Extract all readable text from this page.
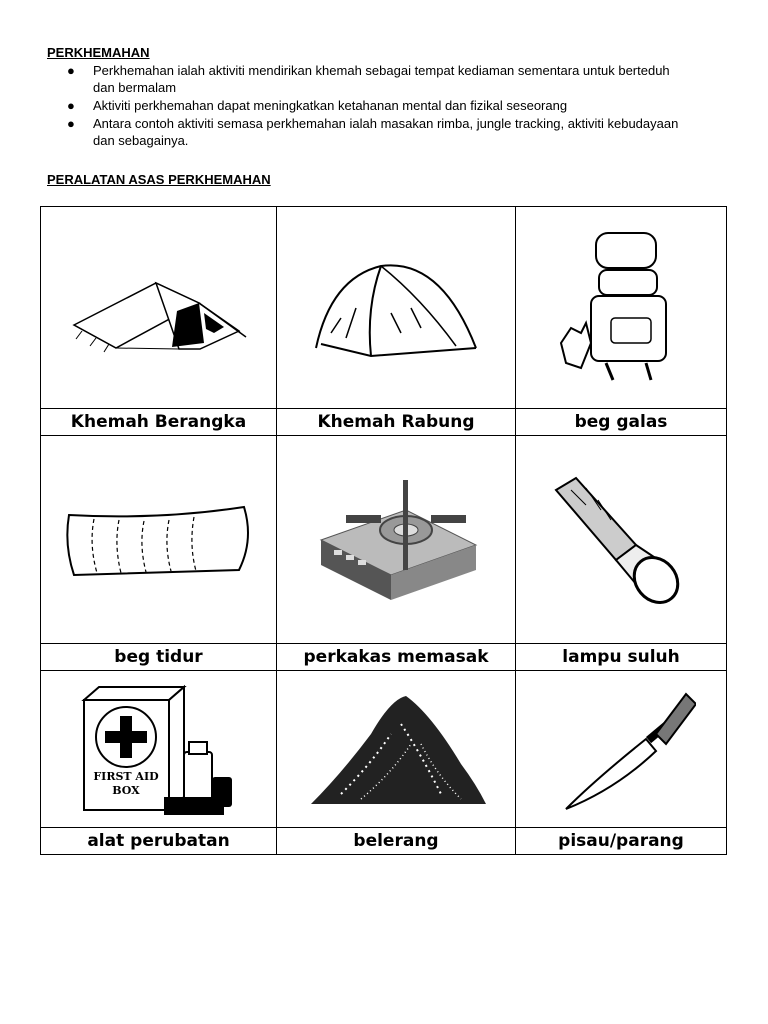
PERKHEMAHAN
● Perkhemahan ialah aktiviti mendirikan khemah sebagai tempat kediaman sementara untuk berteduh dan bermalam
● Aktiviti perkhemahan dapat meningkatkan ketahanan mental dan fizikal seseorang
● Antara contoh aktiviti semasa perkhemahan ialah masakan rimba, jungle tracking, aktiviti kebudayaan dan sebagainya.
PERALATAN ASAS PERKHEMAHAN

Khemah Berangka	Khemah Rabung	beg galas

beg tidur	perkakas memasak	lampu suluh

FIRST AID
BOX

alat perubatan	belerang	pisau/parang
